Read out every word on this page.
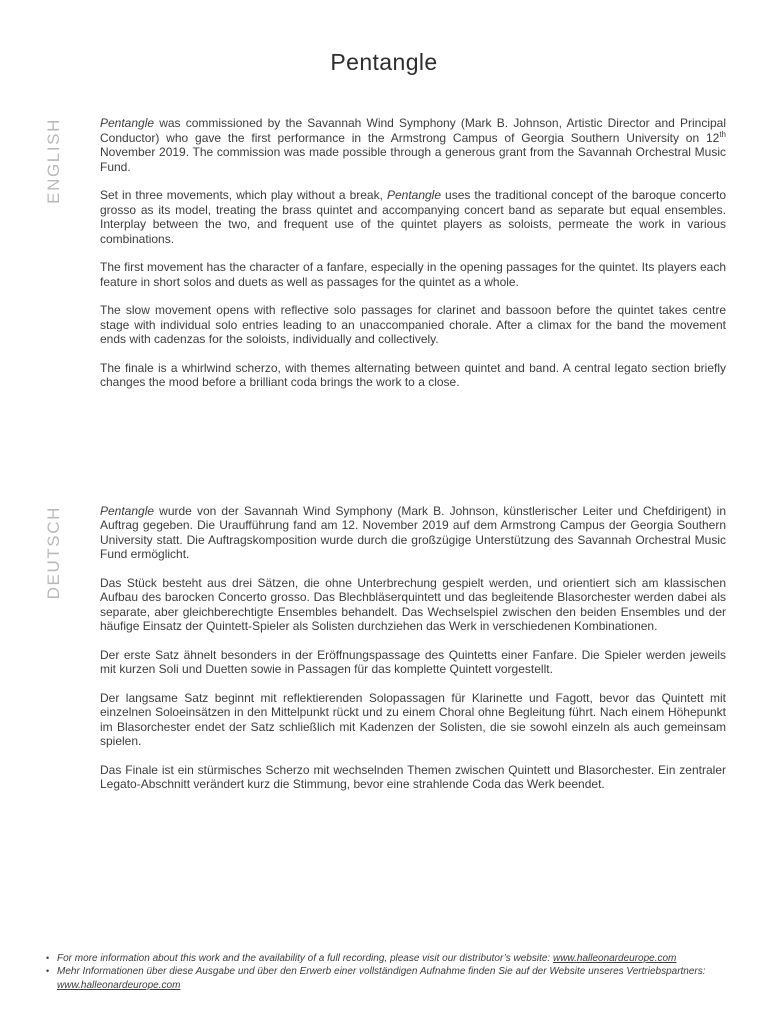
Pentangle
ENGLISH	Pentangle was commissioned by the Savannah Wind Symphony (Mark B. Johnson, Artistic Director and Principal Conductor) who gave the first performance in the Armstrong Campus of Georgia Southern University on 12th November 2019. The commission was made possible through a generous grant from the Savannah Orchestral Music Fund.

Set in three movements, which play without a break, Pentangle uses the traditional concept of the baroque concerto grosso as its model, treating the brass quintet and accompanying concert band as separate but equal ensembles. Interplay between the two, and frequent use of the quintet players as soloists, permeate the work in various combinations.

The first movement has the character of a fanfare, especially in the opening passages for the quintet. Its players each feature in short solos and duets as well as passages for the quintet as a whole.

The slow movement opens with reflective solo passages for clarinet and bassoon before the quintet takes centre stage with individual solo entries leading to an unaccompanied chorale. After a climax for the band the movement ends with cadenzas for the soloists, individually and collectively.

The finale is a whirlwind scherzo, with themes alternating between quintet and band. A central legato section briefly changes the mood before a brilliant coda brings the work to a close.

DEUTSCH	Pentangle wurde von der Savannah Wind Symphony (Mark B. Johnson, künstlerischer Leiter und Chefdirigent) in Auftrag gegeben. Die Uraufführung fand am 12. November 2019 auf dem Armstrong Campus der Georgia Southern University statt. Die Auftragskomposition wurde durch die großzügige Unterstützung des Savannah Orchestral Music Fund ermöglicht.

Das Stück besteht aus drei Sätzen, die ohne Unterbrechung gespielt werden, und orientiert sich am klassischen Aufbau des barocken Concerto grosso. Das Blechbläserquintett und das begleitende Blasorchester werden dabei als separate, aber gleichberechtigte Ensembles behandelt. Das Wechselspiel zwischen den beiden Ensembles und der häufige Einsatz der Quintett-Spieler als Solisten durchziehen das Werk in verschiedenen Kombinationen.

Der erste Satz ähnelt besonders in der Eröffnungspassage des Quintetts einer Fanfare. Die Spieler werden jeweils mit kurzen Soli und Duetten sowie in Passagen für das komplette Quintett vorgestellt.

Der langsame Satz beginnt mit reflektierenden Solopassagen für Klarinette und Fagott, bevor das Quintett mit einzelnen Soloeinsätzen in den Mittelpunkt rückt und zu einem Choral ohne Begleitung führt. Nach einem Höhepunkt im Blasorchester endet der Satz schließlich mit Kadenzen der Solisten, die sie sowohl einzeln als auch gemeinsam spielen.

Das Finale ist ein stürmisches Scherzo mit wechselnden Themen zwischen Quintett und Blasorchester. Ein zentraler Legato-Abschnitt verändert kurz die Stimmung, bevor eine strahlende Coda das Werk beendet.

• For more information about this work and the availability of a full recording, please visit our distributor’s website: www.halleonardeurope.com
• Mehr Informationen über diese Ausgabe und über den Erwerb einer vollständigen Aufnahme finden Sie auf der Website unseres Vertriebspartners: www.halleonardeurope.com
